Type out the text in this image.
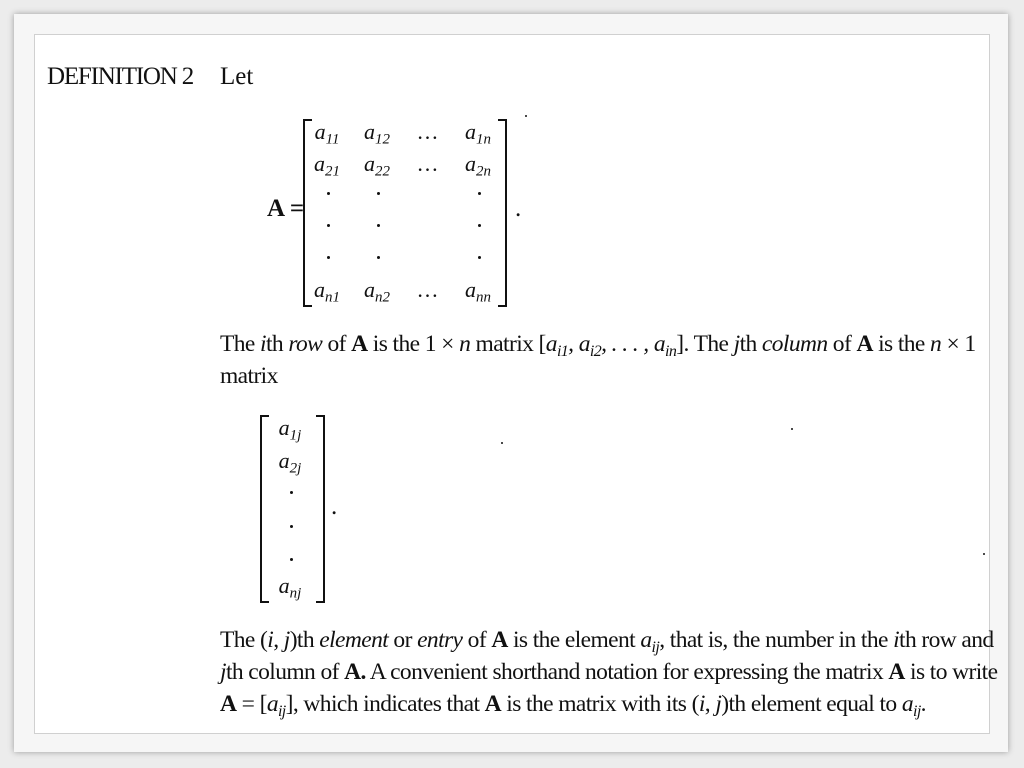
DEFINITION 2 Let
A =	.
$a_{11}$	$a_{12}$	…	$a_{1n}$
$a_{21}$	$a_{22}$	…	$a_{2n}$
$a_{n1}$	$a_{n2}$	…	$a_{nn}$
The ith row of A is the 1 × n matrix [$a_{i1}$, $a_{i2}$, . . . , $a_{in}$]. The jth column of A is the n × 1
matrix
$a_{1j}$
$a_{2j}$
$a_{nj}$
.
The (i, j)th element or entry of A is the element $a_{ij}$, that is, the number in the ith row and
jth column of A. A convenient shorthand notation for expressing the matrix A is to write
$A = [a_{ij}]$, which indicates that A is the matrix with its (i, j)th element equal to $a_{ij}$.
